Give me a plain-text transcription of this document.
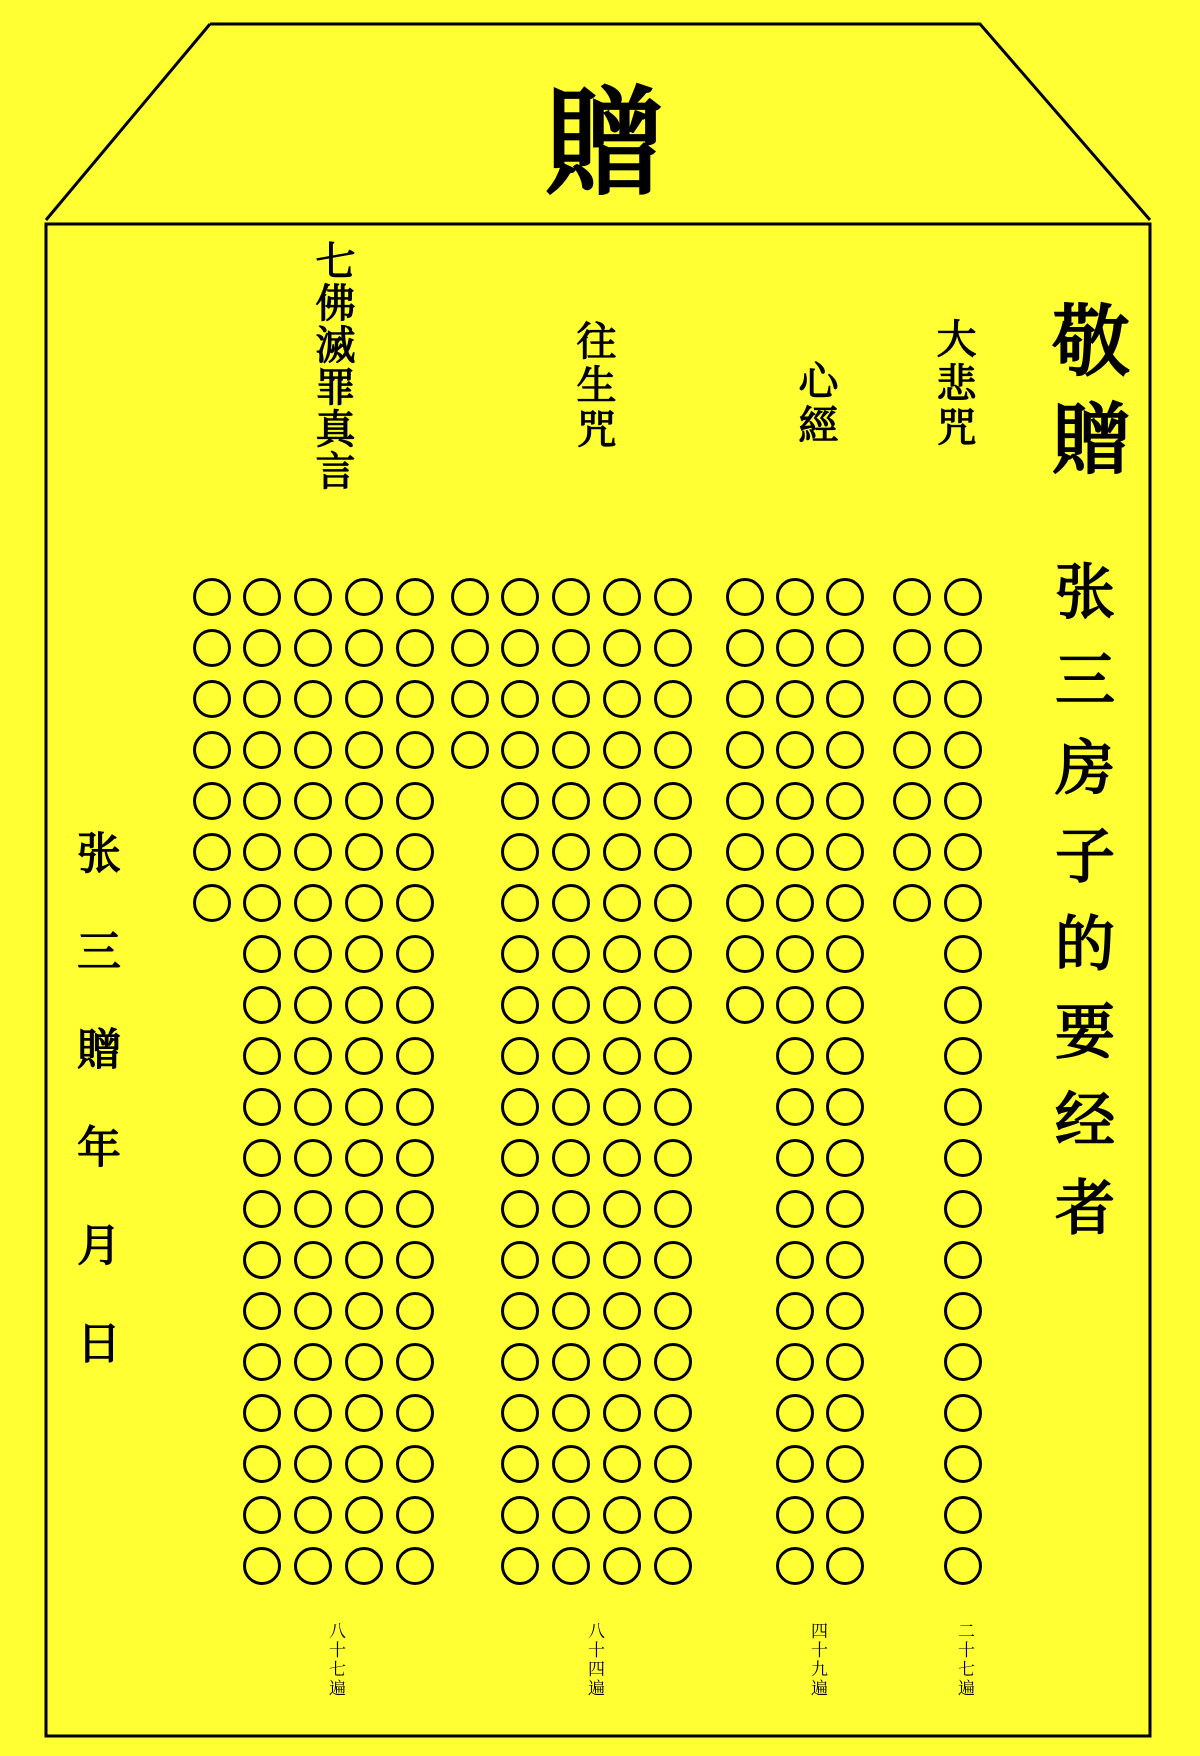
贈
敬贈
张三房子的要经者
张三贈年月日
大悲咒
心經
往生咒
七佛滅罪真言
二十七遍
四十九遍
八十四遍
八十七遍
